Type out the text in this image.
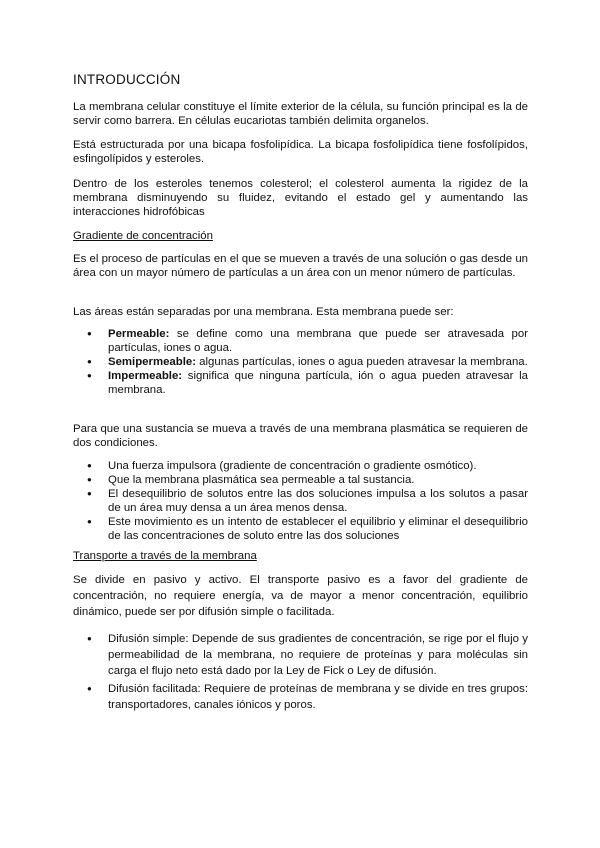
INTRODUCCIÓN

La membrana celular constituye el límite exterior de la célula, su función principal es la de servir como barrera. En células eucariotas también delimita organelos.

Está estructurada por una bicapa fosfolipídica. La bicapa fosfolipídica tiene fosfolípidos, esfingolípidos y esteroles.

Dentro de los esteroles tenemos colesterol; el colesterol aumenta la rigidez de la membrana disminuyendo su fluidez, evitando el estado gel y aumentando las interacciones hidrofóbicas

Gradiente de concentración

Es el proceso de partículas en el que se mueven a través de una solución o gas desde un área con un mayor número de partículas a un área con un menor número de partículas.

Las áreas están separadas por una membrana. Esta membrana puede ser:

● Permeable: se define como una membrana que puede ser atravesada por partículas, iones o agua.
● Semipermeable: algunas partículas, iones o agua pueden atravesar la membrana.
● Impermeable: significa que ninguna partícula, ión o agua pueden atravesar la membrana.

Para que una sustancia se mueva a través de una membrana plasmática se requieren de dos condiciones.

● Una fuerza impulsora (gradiente de concentración o gradiente osmótico).
● Que la membrana plasmática sea permeable a tal sustancia.
● El desequilibrio de solutos entre las dos soluciones impulsa a los solutos a pasar de un área muy densa a un área menos densa.
● Este movimiento es un intento de establecer el equilibrio y eliminar el desequilibrio de las concentraciones de soluto entre las dos soluciones
Transporte a través de la membrana

Se divide en pasivo y activo. El transporte pasivo es a favor del gradiente de concentración, no requiere energía, va de mayor a menor concentración, equilibrio dinámico, puede ser por difusión simple o facilitada.

● Difusión simple: Depende de sus gradientes de concentración, se rige por el flujo y permeabilidad de la membrana, no requiere de proteínas y para moléculas sin carga el flujo neto está dado por la Ley de Fick o Ley de difusión.
● Difusión facilitada: Requiere de proteínas de membrana y se divide en tres grupos: transportadores, canales iónicos y poros.
